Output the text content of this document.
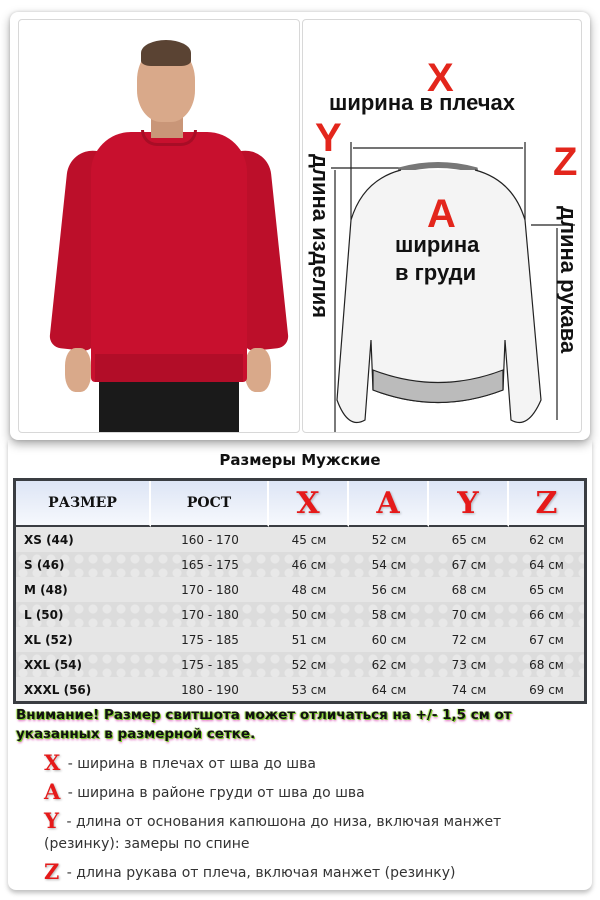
X
ширина в плечах
Y
Z
A
ширина
в груди
длина изделия	длина рукава
Размеры Мужские
РАЗМЕР	РОСТ	X	A	Y	Z
XS (44)	160 - 170	45 см	52 см	65 см	62 см
S (46)	165 - 175	46 см	54 см	67 см	64 см
M (48)	170 - 180	48 см	56 см	68 см	65 см
L (50)	170 - 180	50 см	58 см	70 см	66 см
XL (52)	175 - 185	51 см	60 см	72 см	67 см
XXL (54)	175 - 185	52 см	62 см	73 см	68 см
XXXL (56)	180 - 190	53 см	64 см	74 см	69 см
Внимание! Размер свитшота может отличаться на +/- 1,5 см от указанных в размерной сетке.
X - ширина в плечах от шва до шва
A - ширина в районе груди от шва до шва
Y - длина от основания капюшона до низа, включая манжет (резинку): замеры по спине
Z - длина рукава от плеча, включая манжет (резинку)
